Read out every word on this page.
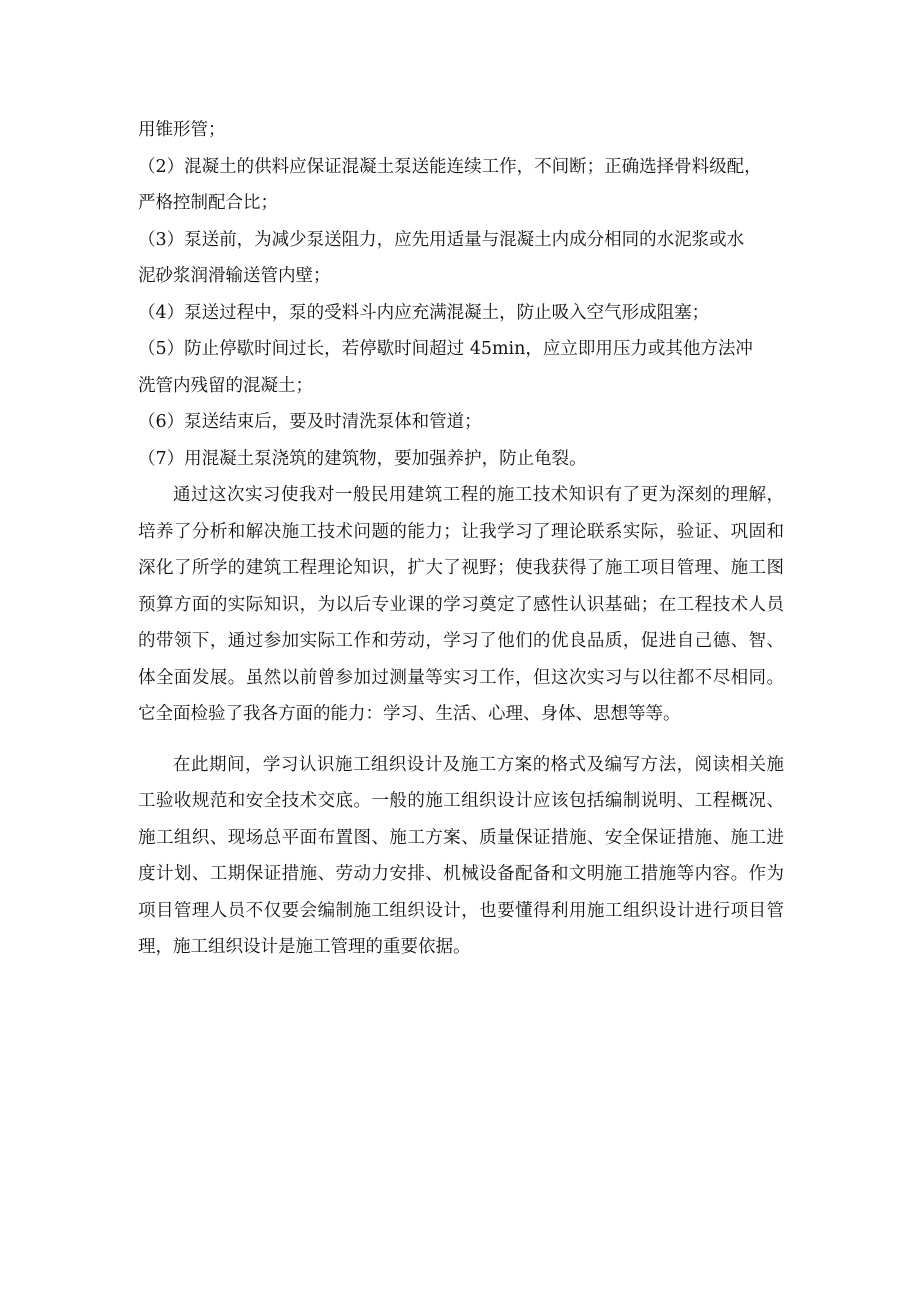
用锥形管；
（2）混凝土的供料应保证混凝土泵送能连续工作，不间断；正确选择骨料级配，
严格控制配合比；
（3）泵送前，为减少泵送阻力，应先用适量与混凝土内成分相同的水泥浆或水
泥砂浆润滑输送管内壁；
（4）泵送过程中，泵的受料斗内应充满混凝土，防止吸入空气形成阻塞；
（5）防止停歇时间过长，若停歇时间超过 45min，应立即用压力或其他方法冲
洗管内残留的混凝土；
（6）泵送结束后，要及时清洗泵体和管道；
（7）用混凝土泵浇筑的建筑物，要加强养护，防止龟裂。

通过这次实习使我对一般民用建筑工程的施工技术知识有了更为深刻的理解，培养了分析和解决施工技术问题的能力；让我学习了理论联系实际，验证、巩固和深化了所学的建筑工程理论知识，扩大了视野；使我获得了施工项目管理、施工图预算方面的实际知识，为以后专业课的学习奠定了感性认识基础；在工程技术人员的带领下，通过参加实际工作和劳动，学习了他们的优良品质，促进自己德、智、体全面发展。虽然以前曾参加过测量等实习工作，但这次实习与以往都不尽相同。它全面检验了我各方面的能力：学习、生活、心理、身体、思想等等。

在此期间，学习认识施工组织设计及施工方案的格式及编写方法，阅读相关施工验收规范和安全技术交底。一般的施工组织设计应该包括编制说明、工程概况、施工组织、现场总平面布置图、施工方案、质量保证措施、安全保证措施、施工进度计划、工期保证措施、劳动力安排、机械设备配备和文明施工措施等内容。作为项目管理人员不仅要会编制施工组织设计，也要懂得利用施工组织设计进行项目管理，施工组织设计是施工管理的重要依据。
